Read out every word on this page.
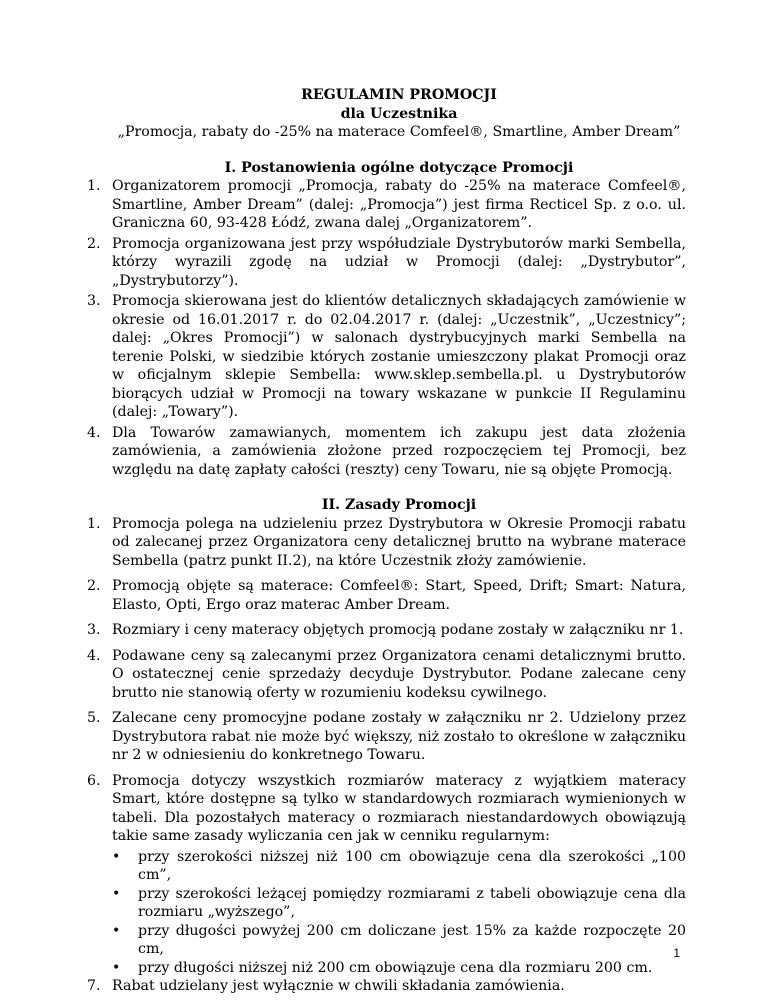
REGULAMIN PROMOCJI

dla Uczestnika

„Promocja, rabaty do -25% na materace Comfeel®, Smartline, Amber Dream”

I. Postanowienia ogólne dotyczące Promocji

1. Organizatorem promocji „Promocja, rabaty do -25% na materace Comfeel®, Smartline, Amber Dream” (dalej: „Promocja”) jest firma Recticel Sp. z o.o. ul. Graniczna 60, 93-428 Łódź, zwana dalej „Organizatorem”.
2. Promocja organizowana jest przy współudziale Dystrybutorów marki Sembella, którzy wyrazili zgodę na udział w Promocji (dalej: „Dystrybutor”, „Dystrybutorzy”).
3. Promocja skierowana jest do klientów detalicznych składających zamówienie w okresie od 16.01.2017 r. do 02.04.2017 r. (dalej: „Uczestnik”, „Uczestnicy”; dalej: „Okres Promocji”) w salonach dystrybucyjnych marki Sembella na terenie Polski, w siedzibie których zostanie umieszczony plakat Promocji oraz w oficjalnym sklepie Sembella: www.sklep.sembella.pl. u Dystrybutorów biorących udział w Promocji na towary wskazane w punkcie II Regulaminu (dalej: „Towary”).
4. Dla Towarów zamawianych, momentem ich zakupu jest data złożenia zamówienia, a zamówienia złożone przed rozpoczęciem tej Promocji, bez względu na datę zapłaty całości (reszty) ceny Towaru, nie są objęte Promocją.

II. Zasady Promocji

1. Promocja polega na udzieleniu przez Dystrybutora w Okresie Promocji rabatu od zalecanej przez Organizatora ceny detalicznej brutto na wybrane materace Sembella (patrz punkt II.2), na które Uczestnik złoży zamówienie.
2. Promocją objęte są materace: Comfeel®: Start, Speed, Drift; Smart: Natura, Elasto, Opti, Ergo oraz materac Amber Dream.
3. Rozmiary i ceny materacy objętych promocją podane zostały w załączniku nr 1.
4. Podawane ceny są zalecanymi przez Organizatora cenami detalicznymi brutto. O ostatecznej cenie sprzedaży decyduje Dystrybutor. Podane zalecane ceny brutto nie stanowią oferty w rozumieniu kodeksu cywilnego.
5. Zalecane ceny promocyjne podane zostały w załączniku nr 2. Udzielony przez Dystrybutora rabat nie może być większy, niż zostało to określone w załączniku nr 2 w odniesieniu do konkretnego Towaru.
6. Promocja dotyczy wszystkich rozmiarów materacy z wyjątkiem materacy Smart, które dostępne są tylko w standardowych rozmiarach wymienionych w tabeli. Dla pozostałych materacy o rozmiarach niestandardowych obowiązują takie same zasady wyliczania cen jak w cenniku regularnym:
• przy szerokości niższej niż 100 cm obowiązuje cena dla szerokości „100 cm”,
• przy szerokości leżącej pomiędzy rozmiarami z tabeli obowiązuje cena dla rozmiaru „wyższego”,
• przy długości powyżej 200 cm doliczane jest 15% za każde rozpoczęte 20 cm,
• przy długości niższej niż 200 cm obowiązuje cena dla rozmiaru 200 cm.
7. Rabat udzielany jest wyłącznie w chwili składania zamówienia.
1
